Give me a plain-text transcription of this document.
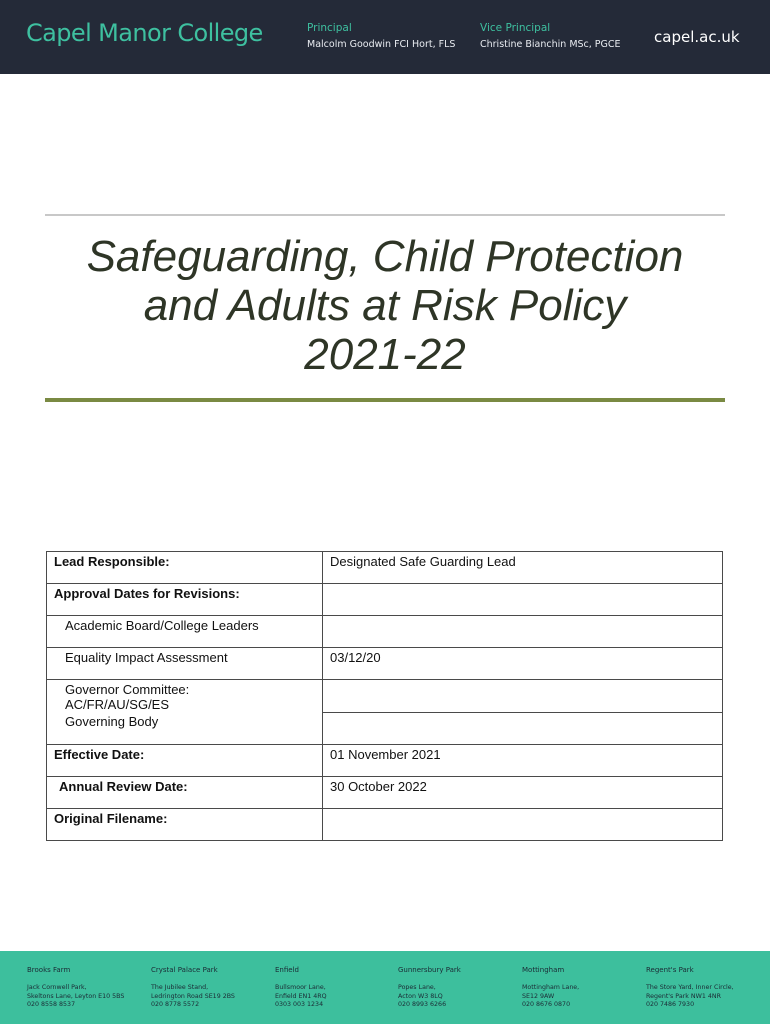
Capel Manor College	Principal
Malcolm Goodwin FCI Hort, FLS
Vice Principal
Christine Bianchin MSc, PGCE capel.ac.uk
Safeguarding, Child Protection
and Adults at Risk Policy
2021-22
Lead Responsible:	Designated Safe Guarding Lead
Approval Dates for Revisions:	
Academic Board/College Leaders	
Equality Impact Assessment	03/12/20
Governor Committee:
AC/FR/AU/SG/ES	
Governing Body	
Effective Date:	01 November 2021
Annual Review Date:	30 October 2022
Original Filename:	
Brooks Farm
Jack Cornwell Park,
Skeltons Lane, Leyton E10 5BS
020 8558 8537
Crystal Palace Park
The Jubilee Stand,
Ledrington Road SE19 2BS
020 8778 5572
Enfield
Bullsmoor Lane,
Enfield EN1 4RQ
0303 003 1234
Gunnersbury Park
Popes Lane,
Acton W3 8LQ
020 8993 6266
Mottingham
Mottingham Lane,
SE12 9AW
020 8676 0870
Regent's Park
The Store Yard, Inner Circle,
Regent's Park NW1 4NR
020 7486 7930
